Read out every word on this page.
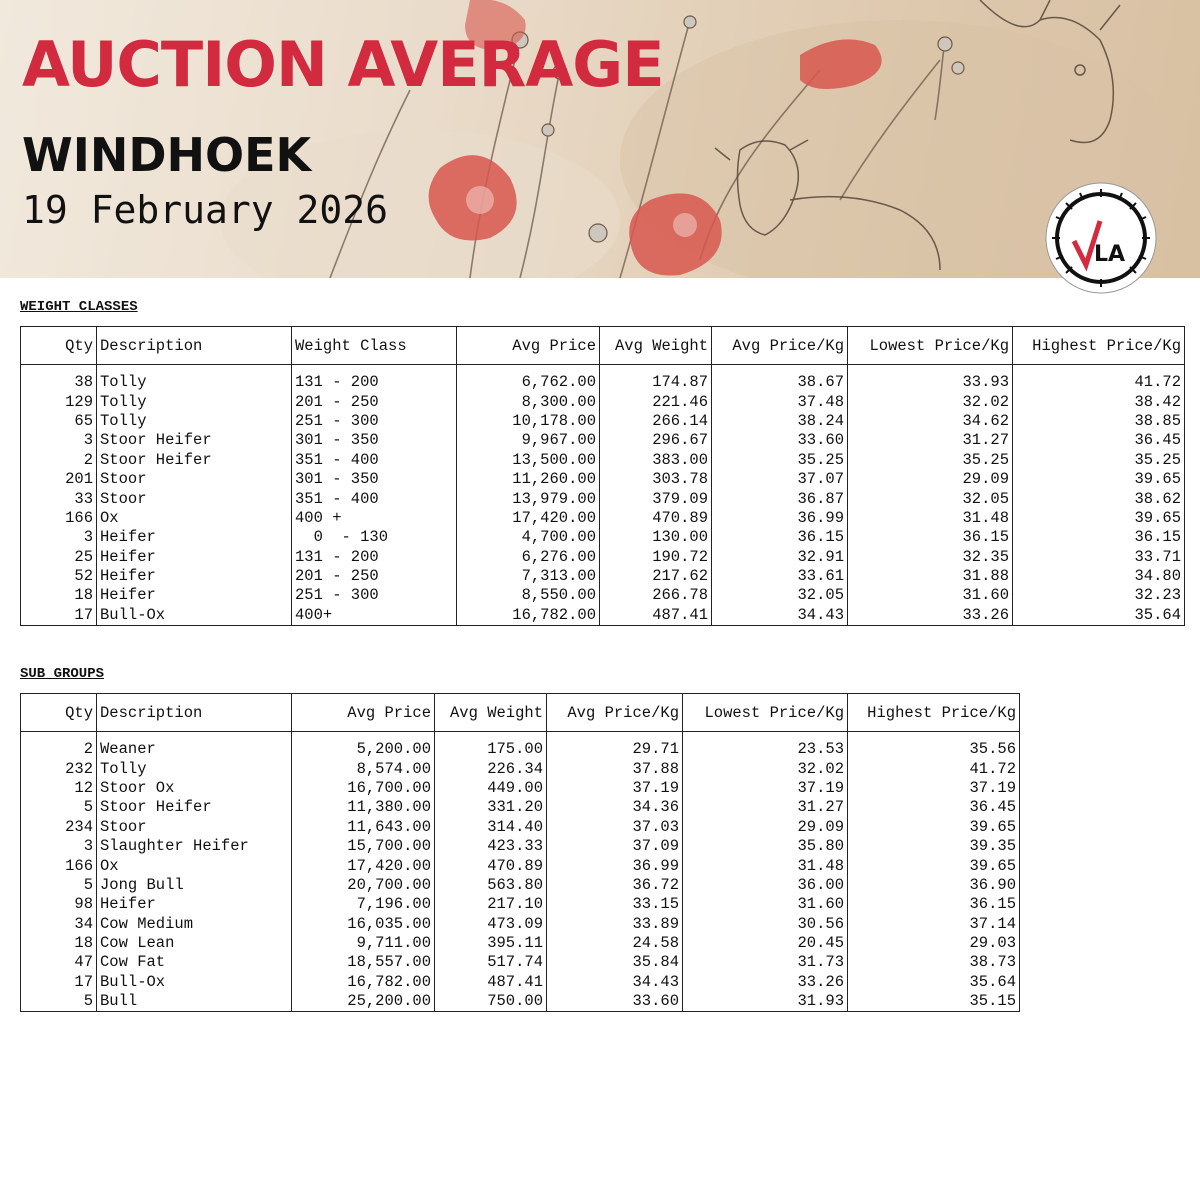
AUCTION AVERAGE
WINDHOEK
19 February 2026
LA
WEIGHT CLASSES
Qty	Description	Weight Class	Avg Price	Avg Weight	Avg Price/Kg	Lowest Price/Kg	Highest Price/Kg

38	Tolly	131 - 200	6,762.00	174.87	38.67	33.93	41.72
129	Tolly	201 - 250	8,300.00	221.46	37.48	32.02	38.42
65	Tolly	251 - 300	10,178.00	266.14	38.24	34.62	38.85
3	Stoor Heifer	301 - 350	9,967.00	296.67	33.60	31.27	36.45
2	Stoor Heifer	351 - 400	13,500.00	383.00	35.25	35.25	35.25
201	Stoor	301 - 350	11,260.00	303.78	37.07	29.09	39.65
33	Stoor	351 - 400	13,979.00	379.09	36.87	32.05	38.62
166	Ox	400 +	17,420.00	470.89	36.99	31.48	39.65
3	Heifer	0  - 130	4,700.00	130.00	36.15	36.15	36.15
25	Heifer	131 - 200	6,276.00	190.72	32.91	32.35	33.71
52	Heifer	201 - 250	7,313.00	217.62	33.61	31.88	34.80
18	Heifer	251 - 300	8,550.00	266.78	32.05	31.60	32.23
17	Bull-Ox	400+	16,782.00	487.41	34.43	33.26	35.64
SUB GROUPS
Qty	Description	Avg Price	Avg Weight	Avg Price/Kg	Lowest Price/Kg	Highest Price/Kg

2	Weaner	5,200.00	175.00	29.71	23.53	35.56
232	Tolly	8,574.00	226.34	37.88	32.02	41.72
12	Stoor Ox	16,700.00	449.00	37.19	37.19	37.19
5	Stoor Heifer	11,380.00	331.20	34.36	31.27	36.45
234	Stoor	11,643.00	314.40	37.03	29.09	39.65
3	Slaughter Heifer	15,700.00	423.33	37.09	35.80	39.35
166	Ox	17,420.00	470.89	36.99	31.48	39.65
5	Jong Bull	20,700.00	563.80	36.72	36.00	36.90
98	Heifer	7,196.00	217.10	33.15	31.60	36.15
34	Cow Medium	16,035.00	473.09	33.89	30.56	37.14
18	Cow Lean	9,711.00	395.11	24.58	20.45	29.03
47	Cow Fat	18,557.00	517.74	35.84	31.73	38.73
17	Bull-Ox	16,782.00	487.41	34.43	33.26	35.64
5	Bull	25,200.00	750.00	33.60	31.93	35.15
